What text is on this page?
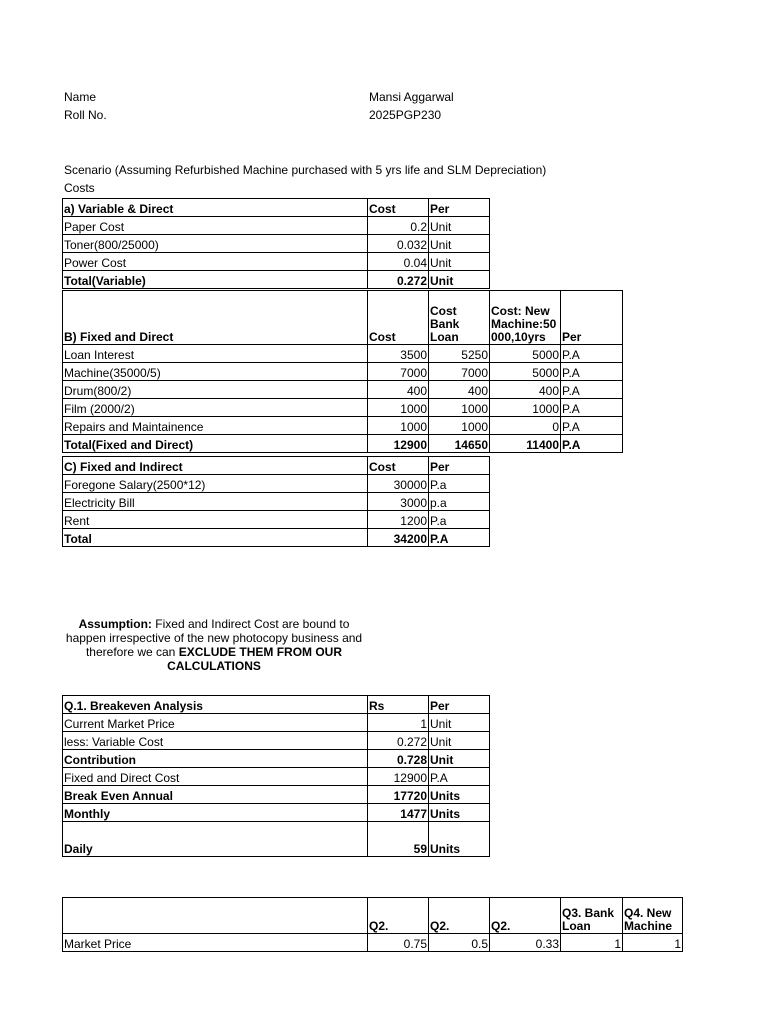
Name	Mansi Aggarwal
Roll No.	2025PGP230
Scenario (Assuming Refurbished Machine purchased with 5 yrs life and SLM Depreciation)
Costs
a) Variable & Direct	Cost	Per
Paper Cost	0.2	Unit
Toner(800/25000)	0.032	Unit
Power Cost	0.04	Unit
Total(Variable)	0.272	Unit
B) Fixed and Direct	Cost	Cost Bank Loan	Cost: New Machine:50 000,10yrs	Per
Loan Interest	3500	5250	5000	P.A
Machine(35000/5)	7000	7000	5000	P.A
Drum(800/2)	400	400	400	P.A
Film (2000/2)	1000	1000	1000	P.A
Repairs and Maintainence	1000	1000	0	P.A
Total(Fixed and Direct)	12900	14650	11400	P.A
C) Fixed and Indirect	Cost	Per
Foregone Salary(2500*12)	30000	P.a
Electricity Bill	3000	p.a
Rent	1200	P.a
Total	34200	P.A
Assumption: Fixed and Indirect Cost are bound to happen irrespective of the new photocopy business and therefore we can EXCLUDE THEM FROM OUR CALCULATIONS
Q.1. Breakeven Analysis	Rs	Per
Current Market Price	1	Unit
less: Variable Cost	0.272	Unit
Contribution	0.728	Unit
Fixed and Direct Cost	12900	P.A
Break Even Annual	17720	Units
Monthly	1477	Units
Daily	59	Units
	Q2.	Q2.	Q2.	Q3. Bank Loan	Q4. New Machine
Market Price	0.75	0.5	0.33	1	1
